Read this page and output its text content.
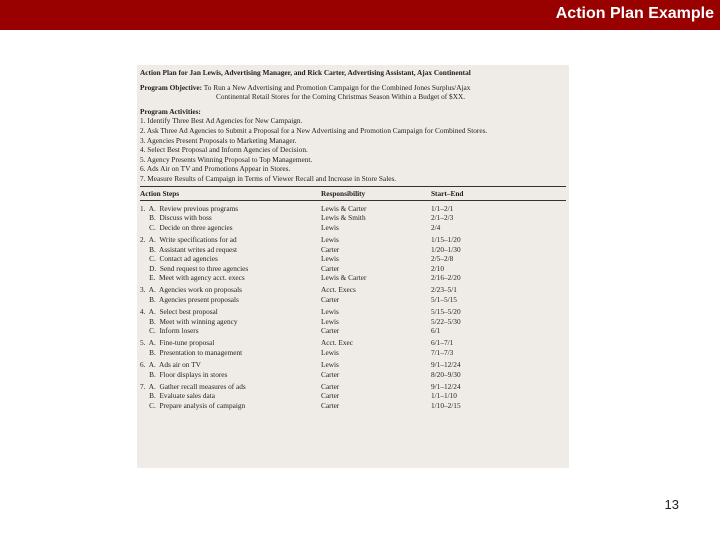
Action Plan Example
Action Plan for Jan Lewis, Advertising Manager, and Rick Carter, Advertising Assistant, Ajax Continental
Program Objective: To Run a New Advertising and Promotion Campaign for the Combined Jones Surplus/Ajax
Continental Retail Stores for the Coming Christmas Season Within a Budget of $XX.
Program Activities:
1. Identify Three Best Ad Agencies for New Campaign.
2. Ask Three Ad Agencies to Submit a Proposal for a New Advertising and Promotion Campaign for Combined Stores.
3. Agencies Present Proposals to Marketing Manager.
4. Select Best Proposal and Inform Agencies of Decision.
5. Agency Presents Winning Proposal to Top Management.
6. Ads Air on TV and Promotions Appear in Stores.
7. Measure Results of Campaign in Terms of Viewer Recall and Increase in Store Sales.
Action Steps	Responsibility	Start–End
1.  A.  Review previous programs	Lewis & Carter	1/1–2/1
B.  Discuss with boss	Lewis & Smith	2/1–2/3
C.  Decide on three agencies	Lewis	2/4
2.  A.  Write specifications for ad	Lewis	1/15–1/20
B.  Assistant writes ad request	Carter	1/20–1/30
C.  Contact ad agencies	Lewis	2/5–2/8
D.  Send request to three agencies	Carter	2/10
E.  Meet with agency acct. execs	Lewis & Carter	2/16–2/20
3.  A.  Agencies work on proposals	Acct. Execs	2/23–5/1
B.  Agencies present proposals	Carter	5/1–5/15
4.  A.  Select best proposal	Lewis	5/15–5/20
B.  Meet with winning agency	Lewis	5/22–5/30
C.  Inform losers	Carter	6/1
5.  A.  Fine-tune proposal	Acct. Exec	6/1–7/1
B.  Presentation to management	Lewis	7/1–7/3
6.  A.  Ads air on TV	Lewis	9/1–12/24
B.  Floor displays in stores	Carter	8/20–9/30
7.  A.  Gather recall measures of ads	Carter	9/1–12/24
B.  Evaluate sales data	Carter	1/1–1/10
C.  Prepare analysis of campaign	Carter	1/10–2/15
13
